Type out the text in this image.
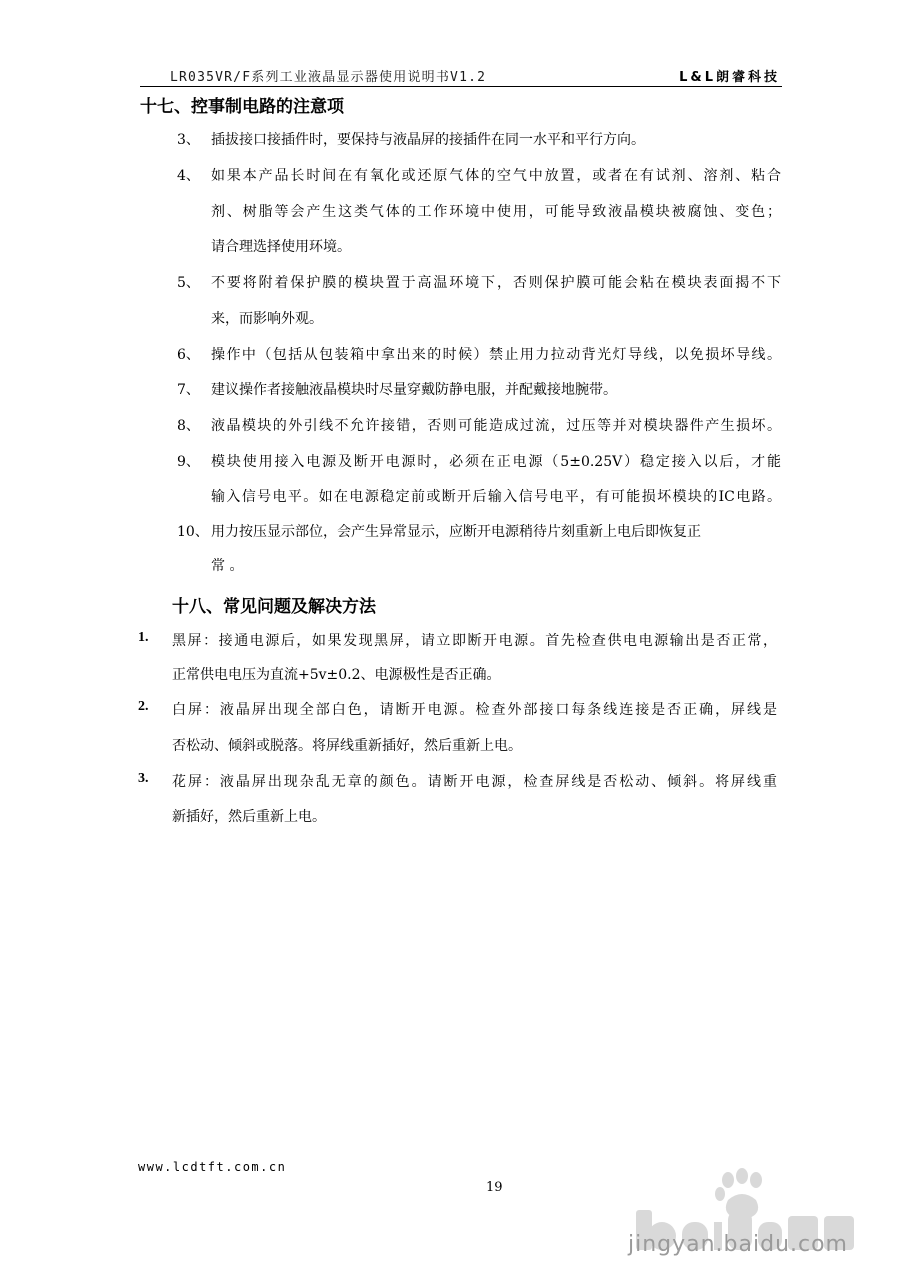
LR035VR/F系列工业液晶显示器使用说明书V1.2	L&L朗睿科技
十七、控事制电路的注意项
3、 插拔接口接插件时，要保持与液晶屏的接插件在同一水平和平行方向。
4、 如果本产品长时间在有氧化或还原气体的空气中放置，或者在有试剂、溶剂、粘合
剂、树脂等会产生这类气体的工作环境中使用，可能导致液晶模块被腐蚀、变色；
请合理选择使用环境。
5、 不要将附着保护膜的模块置于高温环境下，否则保护膜可能会粘在模块表面揭不下
来，而影响外观。
6、 操作中（包括从包装箱中拿出来的时候）禁止用力拉动背光灯导线，以免损坏导线。
7、 建议操作者接触液晶模块时尽量穿戴防静电服，并配戴接地腕带。
8、 液晶模块的外引线不允许接错，否则可能造成过流，过压等并对模块器件产生损坏。
9、 模块使用接入电源及断开电源时，必须在正电源（5±0.25V）稳定接入以后，才能
输入信号电平。如在电源稳定前或断开后输入信号电平，有可能损坏模块的IC电路。
10、 用力按压显示部位，会产生异常显示，应断开电源稍待片刻重新上电后即恢复正
常 。
十八、常见问题及解决方法
1. 黑屏：接通电源后，如果发现黑屏，请立即断开电源。首先检查供电电源输出是否正常，
正常供电电压为直流+5v±0.2、电源极性是否正确。
2. 白屏：液晶屏出现全部白色，请断开电源。检查外部接口每条线连接是否正确，屏线是
否松动、倾斜或脱落。将屏线重新插好，然后重新上电。
3. 花屏：液晶屏出现杂乱无章的颜色。请断开电源，检查屏线是否松动、倾斜。将屏线重
新插好，然后重新上电。
www.lcdtft.com.cn
19
jingyan.baidu.com
